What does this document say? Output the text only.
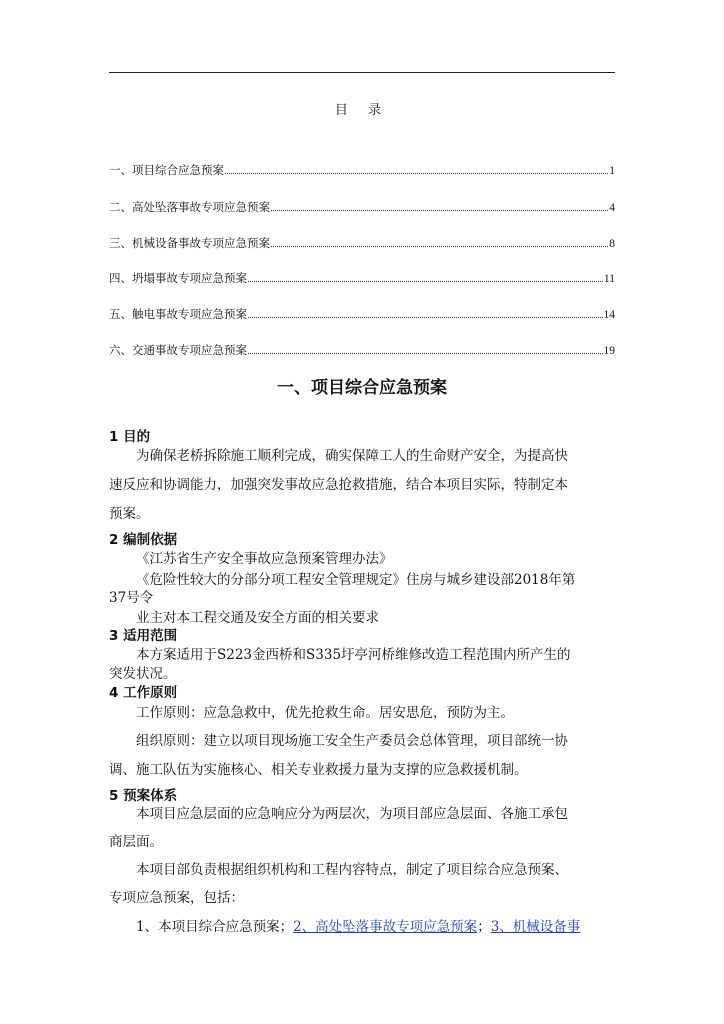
目 录
一、项目综合应急预案	1
二、高处坠落事故专项应急预案	4
三、机械设备事故专项应急预案	8
四、坍塌事故专项应急预案	11
五、触电事故专项应急预案	14
六、交通事故专项应急预案	19
一、项目综合应急预案
1 目的
为确保老桥拆除施工顺利完成，确实保障工人的生命财产安全，为提高快
速反应和协调能力，加强突发事故应急抢救措施，结合本项目实际，特制定本
预案。
2 编制依据
《江苏省生产安全事故应急预案管理办法》
《危险性较大的分部分项工程安全管理规定》住房与城乡建设部2018年第
37号令
业主对本工程交通及安全方面的相关要求
3 适用范围
本方案适用于S223金西桥和S335圩亭河桥维修改造工程范围内所产生的
突发状况。
4 工作原则
工作原则：应急急救中，优先抢救生命。居安思危，预防为主。
组织原则：建立以项目现场施工安全生产委员会总体管理，项目部统一协
调、施工队伍为实施核心、相关专业救援力量为支撑的应急救援机制。
5 预案体系
本项目应急层面的应急响应分为两层次，为项目部应急层面、各施工承包
商层面。
本项目部负责根据组织机构和工程内容特点，制定了项目综合应急预案、
专项应急预案，包括：
1、本项目综合应急预案；2、高处坠落事故专项应急预案；3、机械设备事
